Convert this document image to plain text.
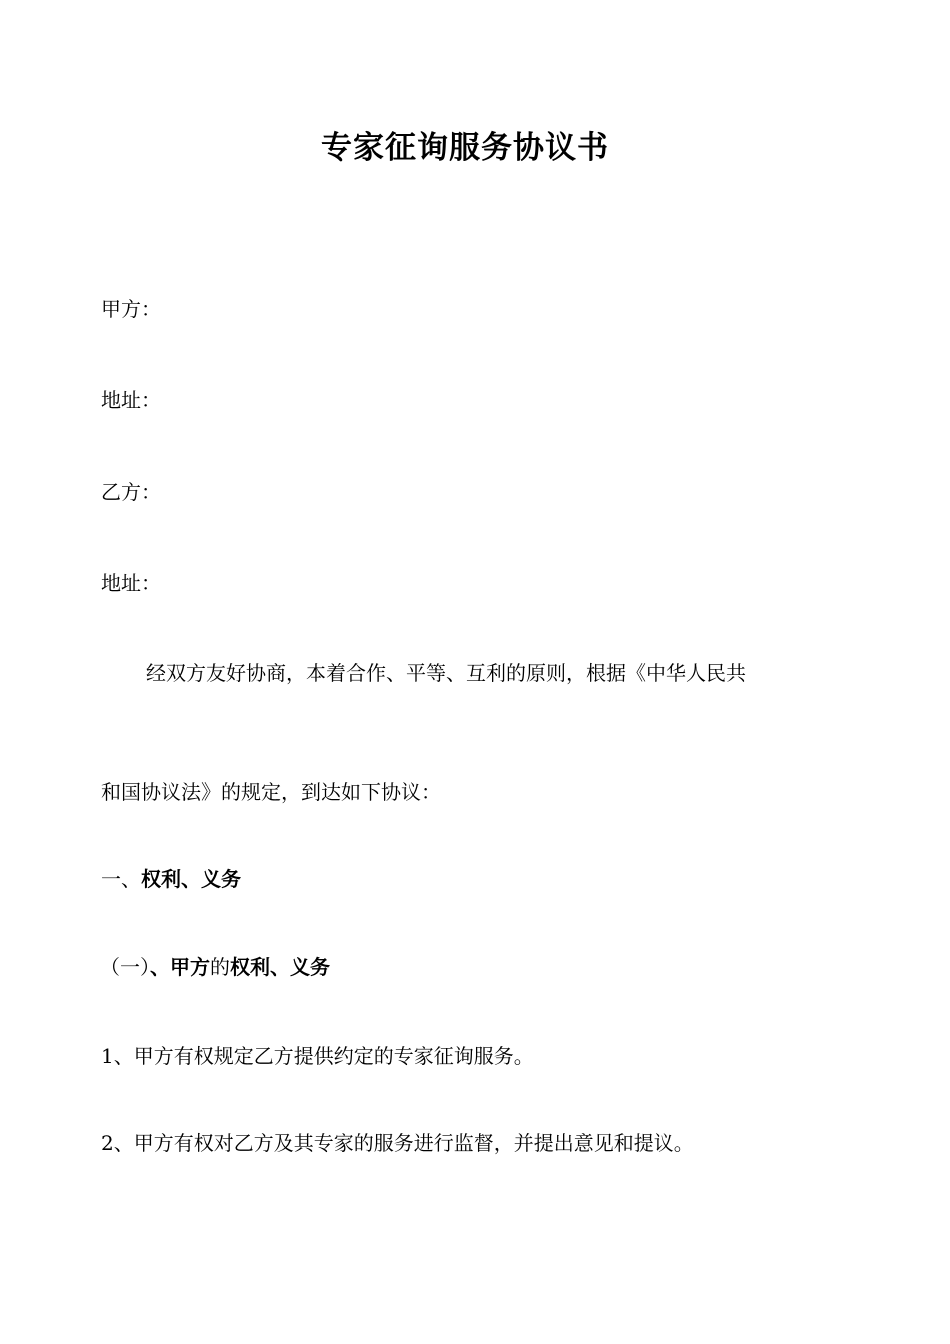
专家征询服务协议书
甲方：
地址：
乙方：
地址：
经双方友好协商，本着合作、平等、互利的原则，根据《中华人民共
和国协议法》的规定，到达如下协议：
一、权利、义务
（一）、甲方的权利、义务
1、甲方有权规定乙方提供约定的专家征询服务。
2、甲方有权对乙方及其专家的服务进行监督，并提出意见和提议。
